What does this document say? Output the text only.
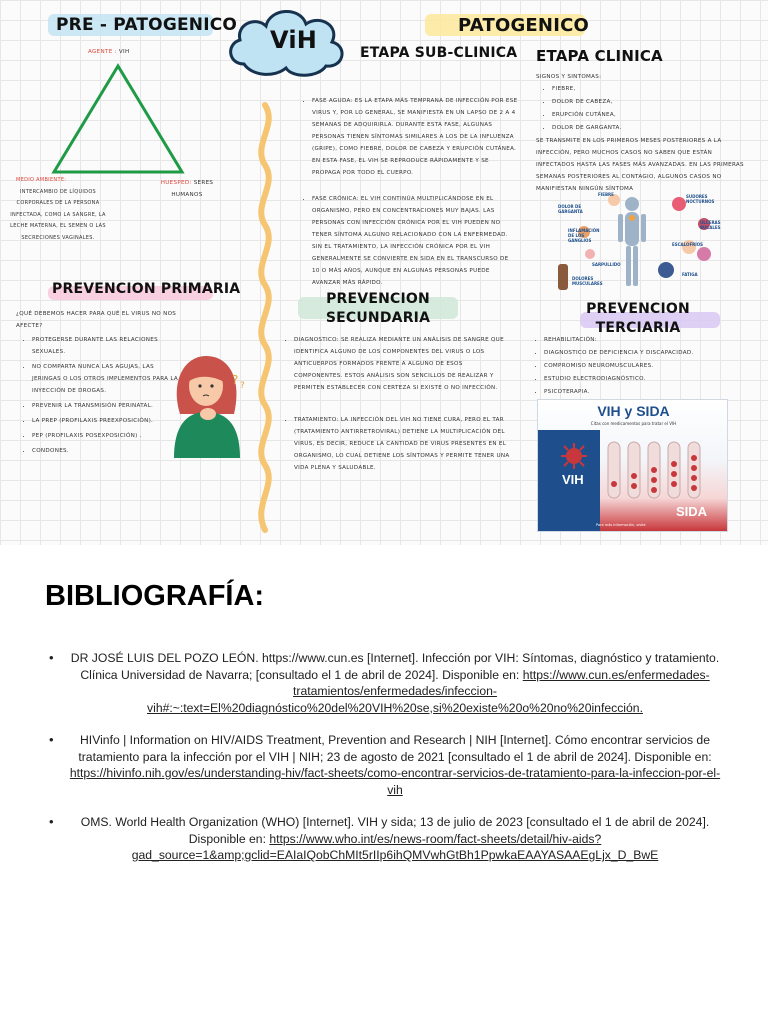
PRE - PATOGENICO	PATOGENICO
ViH
AGENTE : VIH
MEDIO AMBIENTE:
INTERCAMBIO DE LÍQUIDOS CORPORALES DE LA PERSONA INFECTADA, COMO LA SANGRE, LA LECHE MATERNA, EL SEMEN O LAS SECRECIONES VAGINALES.
HUESPED: SERES HUMANOS
ETAPA SUB-CLINICA
• FASE AGUDA: ES LA ETAPA MÁS TEMPRANA DE INFECCIÓN POR ESE VIRUS Y, POR LO GENERAL, SE MANIFIESTA EN UN LAPSO DE 2 A 4 SEMANAS DE ADQUIRIRLA. DURANTE ESTA FASE, ALGUNAS PERSONAS TIENEN SÍNTOMAS SIMILARES A LOS DE LA INFLUENZA (GRIPE), COMO FIEBRE, DOLOR DE CABEZA Y ERUPCIÓN CUTÁNEA. EN ESTA FASE, EL VIH SE REPRODUCE RÁPIDAMENTE Y SE PROPAGA POR TODO EL CUERPO.
• FASE CRÓNICA: EL VIH CONTINÚA MULTIPLICÁNDOSE EN EL ORGANISMO, PERO EN CONCENTRACIONES MUY BAJAS. LAS PERSONAS CON INFECCIÓN CRÓNICA POR EL VIH PUEDEN NO TENER SÍNTOMA ALGUNO RELACIONADO CON LA ENFERMEDAD. SIN EL TRATAMIENTO, LA INFECCIÓN CRÓNICA POR EL VIH GENERALMENTE SE CONVIERTE EN SIDA EN EL TRANSCURSO DE 10 O MÁS AÑOS, AUNQUE EN ALGUNAS PERSONAS PUEDE AVANZAR MÁS RÁPIDO.
ETAPA CLINICA
SIGNOS Y SINTOMAS:
• FIEBRE,
• DOLOR DE CABEZA,
• ERUPCIÓN CUTÁNEA,
• DOLOR DE GARGANTA.
SE TRANSMITE EN LOS PRIMEROS MESES POSTERIORES A LA INFECCIÓN, PERO MUCHOS CASOS NO SABEN QUE ESTÁN INFECTADOS HASTA LAS FASES MÁS AVANZADAS. EN LAS PRIMERAS SEMANAS POSTERIORES AL CONTAGIO, ALGUNOS CASOS NO MANIFIESTAN NINGÚN SÍNTOMA
FIEBRE	SUDORES NOCTURNOS
DOLOR DE GARGANTA
ÚLCERAS BUCALES
INFLAMACIÓN DE LOS GANGLIOS
SARPULLIDO
ESCALOFRÍOS
FATIGA
DOLORES MUSCULARES
PREVENCION PRIMARIA
¿QUÉ DEBEMOS HACER PARA QUÉ EL VIRUS NO NOS AFECTE?
• PROTEGERSE DURANTE LAS RELACIONES SEXUALES.
• NO COMPARTA NUNCA LAS AGUJAS, LAS JERINGAS O LOS OTROS IMPLEMENTOS PARA LA INYECCIÓN DE DROGAS.
• PREVENIR LA TRANSMISIÓN PERINATAL.
• LA PREP (PROFILAXIS PREEXPOSICIÓN).
• PEP (PROFILAXIS POSEXPOSICIÓN) .
• CONDONES.
? ?
PREVENCION
SECUNDARIA
• DIAGNOSTICO: SE REALIZA MEDIANTE UN ANÁLISIS DE SANGRE QUE IDENTIFICA ALGUNO DE LOS COMPONENTES DEL VIRUS O LOS ANTICUERPOS FORMADOS FRENTE A ALGUNO DE ESOS COMPONENTES. ESTOS ANÁLISIS SON SENCILLOS DE REALIZAR Y PERMITEN ESTABLECER CON CERTEZA SI EXISTE O NO INFECCIÓN.
• TRATAMIENTO: LA INFECCIÓN DEL VIH NO TIENE CURA, PERO EL TAR (TRATAMIENTO ANTIRRETROVIRAL) DETIENE LA MULTIPLICACIÓN DEL VIRUS, ES DECIR, REDUCE LA CANTIDAD DE VIRUS PRESENTES EN EL ORGANISMO, LO CUAL DETIENE LOS SÍNTOMAS Y PERMITE TENER UNA VIDA PLENA Y SALUDABLE.
PREVENCION
TERCIARIA
• REHABILITACIÓN:
• DIAGNOSTICO DE DEFICIENCIA Y DISCAPACIDAD.
• COMPROMISO NEUROMUSCULARES.
• ESTUDIO ELECTRODIAGNÓSTICO.
• PSICOTERAPIA.
VIH y SIDA
Citas con medicamentos para tratar el VIH
VIH
SIDA
Para más información, visite
BIBLIOGRAFÍA:
• DR JOSÉ LUIS DEL POZO LEÓN. https://www.cun.es [Internet]. Infección por VIH: Síntomas, diagnóstico y tratamiento. Clínica Universidad de Navarra; [consultado el 1 de abril de 2024]. Disponible en: https://www.cun.es/enfermedades-tratamientos/enfermedades/infeccion-vih#:~:text=El%20diagnóstico%20del%20VIH%20se,si%20existe%20o%20no%20infección.
• HIVinfo | Information on HIV/AIDS Treatment, Prevention and Research | NIH [Internet]. Cómo encontrar servicios de tratamiento para la infección por el VIH | NIH; 23 de agosto de 2021 [consultado el 1 de abril de 2024]. Disponible en: https://hivinfo.nih.gov/es/understanding-hiv/fact-sheets/como-encontrar-servicios-de-tratamiento-para-la-infeccion-por-el-vih
• OMS. World Health Organization (WHO) [Internet]. VIH y sida; 13 de julio de 2023 [consultado el 1 de abril de 2024]. Disponible en: https://www.who.int/es/news-room/fact-sheets/detail/hiv-aids?gad_source=1&amp;gclid=EAIaIQobChMIt5rIIp6ihQMVwhGtBh1PpwkaEAAYASAAEgLjx_D_BwE
